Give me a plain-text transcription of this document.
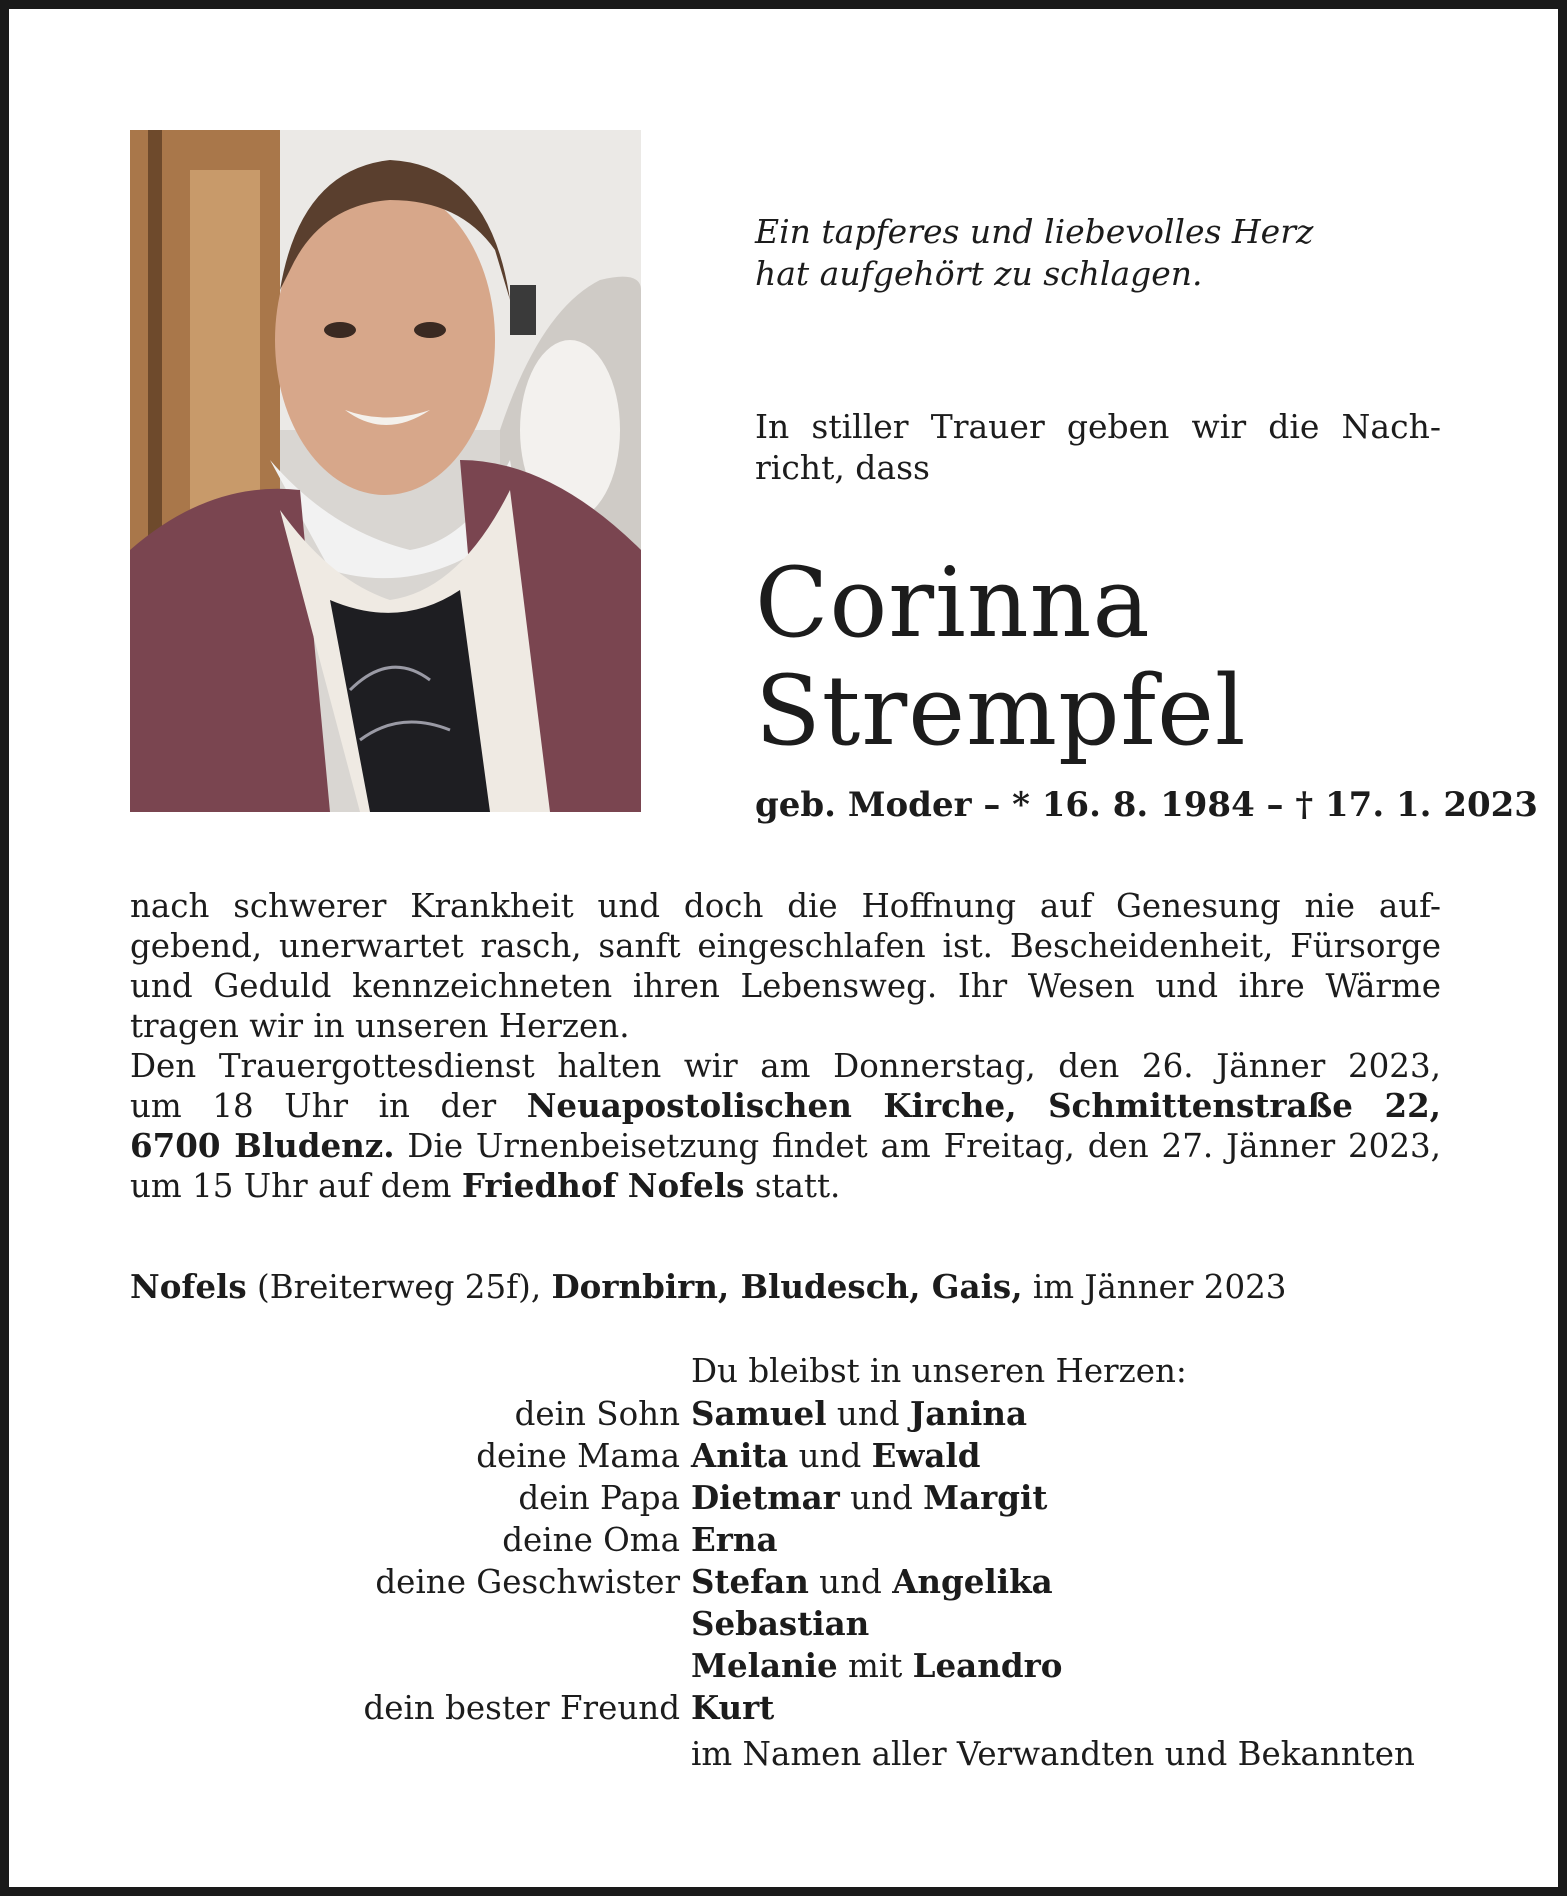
Ein tapferes und liebevolles Herz
hat aufgehört zu schlagen.
In stiller Trauer geben wir die Nach-
richt, dass
Corinna
Strempfel
geb. Moder – * 16. 8. 1984 – † 17. 1. 2023
nach schwerer Krankheit und doch die Hoffnung auf Genesung nie auf-
gebend, unerwartet rasch, sanft eingeschlafen ist. Bescheidenheit, Fürsorge
und Geduld kennzeichneten ihren Lebensweg. Ihr Wesen und ihre Wärme
tragen wir in unseren Herzen.
Den Trauergottesdienst halten wir am Donnerstag, den 26. Jänner 2023,
um 18 Uhr in der Neuapostolischen Kirche, Schmittenstraße 22,
6700 Bludenz. Die Urnenbeisetzung findet am Freitag, den 27. Jänner 2023,
um 15 Uhr auf dem Friedhof Nofels statt.
Nofels (Breiterweg 25f), Dornbirn, Bludesch, Gais, im Jänner 2023
Du bleibst in unseren Herzen:
dein Sohn Samuel und Janina
deine Mama Anita und Ewald
dein Papa Dietmar und Margit
deine Oma Erna
deine Geschwister Stefan und Angelika
Sebastian
Melanie mit Leandro
dein bester Freund Kurt
im Namen aller Verwandten und Bekannten
